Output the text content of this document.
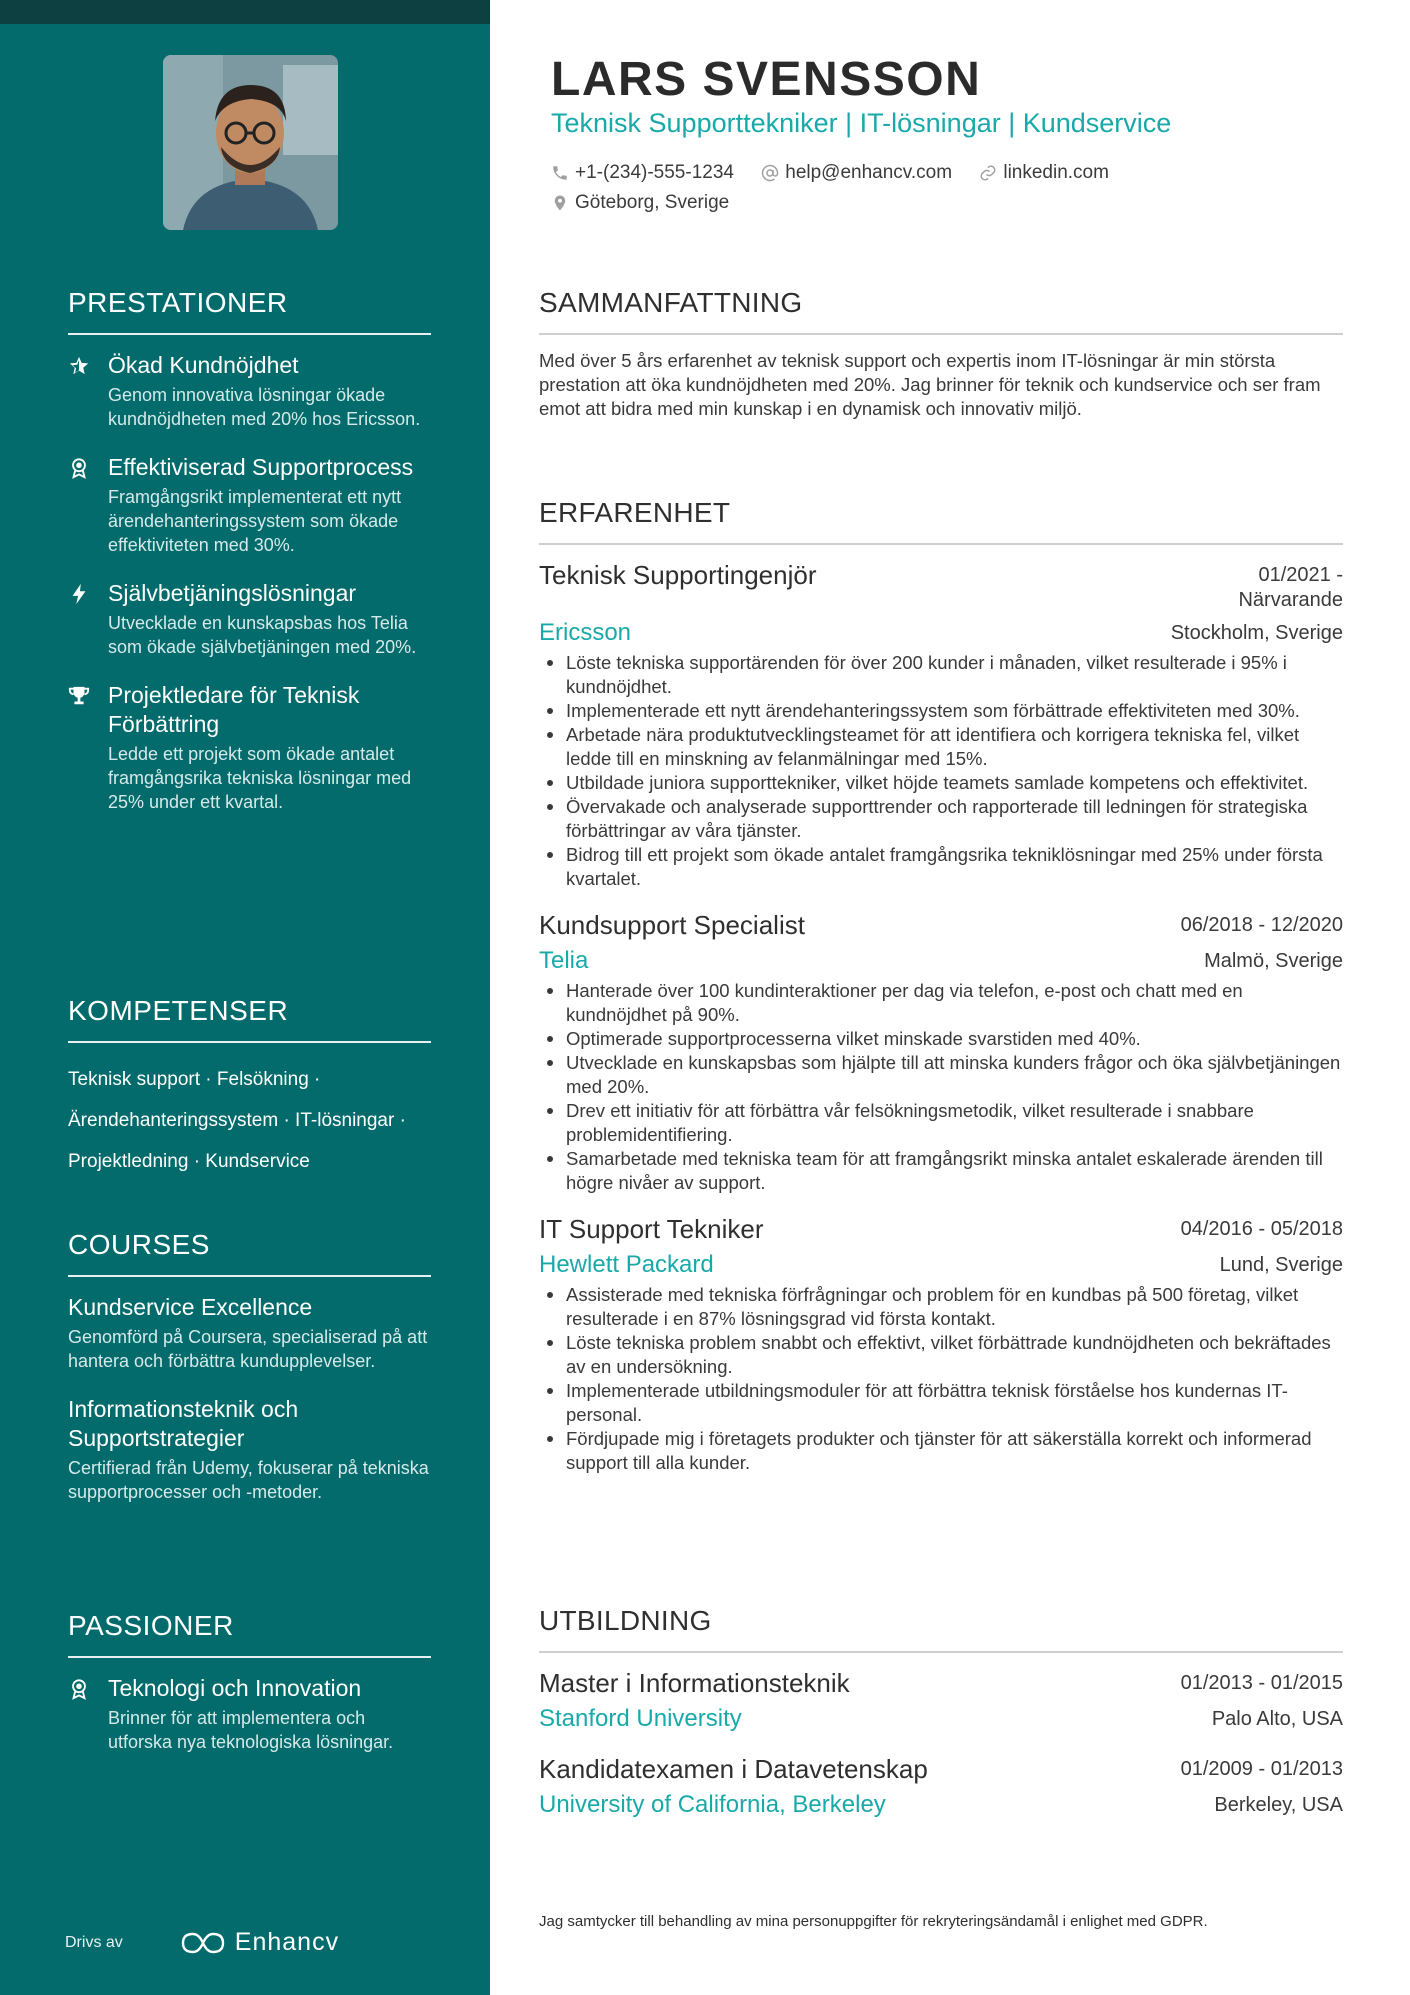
PRESTATIONER
Ökad Kundnöjdhet
Genom innovativa lösningar ökade kundnöjdheten med 20% hos Ericsson.
Effektiviserad Supportprocess
Framgångsrikt implementerat ett nytt ärendehanteringssystem som ökade effektiviteten med 30%.
Självbetjäningslösningar
Utvecklade en kunskapsbas hos Telia som ökade självbetjäningen med 20%.
Projektledare för Teknisk Förbättring
Ledde ett projekt som ökade antalet framgångsrika tekniska lösningar med 25% under ett kvartal.
KOMPETENSER
Teknisk support · Felsökning ·
Ärendehanteringssystem · IT-lösningar ·
Projektledning · Kundservice
COURSES
Kundservice Excellence
Genomförd på Coursera, specialiserad på att hantera och förbättra kundupplevelser.
Informationsteknik och Supportstrategier
Certifierad från Udemy, fokuserar på tekniska supportprocesser och -metoder.
PASSIONER
Teknologi och Innovation
Brinner för att implementera och utforska nya teknologiska lösningar.
Drivs av	Enhancv
LARS SVENSSON
Teknisk Supporttekniker | IT-lösningar | Kundservice
+1-(234)-555-1234
	help@enhancv.com
	linkedin.com

Göteborg, Sverige
SAMMANFATTNING
Med över 5 års erfarenhet av teknisk support och expertis inom IT-lösningar är min största prestation att öka kundnöjdheten med 20%. Jag brinner för teknik och kundservice och ser fram emot att bidra med min kunskap i en dynamisk och innovativ miljö.
ERFARENHET
Teknisk Supportingenjör	01/2021 - Närvarande
Ericsson	Stockholm, Sverige
Löste tekniska supportärenden för över 200 kunder i månaden, vilket resulterade i 95% i kundnöjdhet.
Implementerade ett nytt ärendehanteringssystem som förbättrade effektiviteten med 30%.
Arbetade nära produktutvecklingsteamet för att identifiera och korrigera tekniska fel, vilket ledde till en minskning av felanmälningar med 15%.
Utbildade juniora supporttekniker, vilket höjde teamets samlade kompetens och effektivitet.
Övervakade och analyserade supporttrender och rapporterade till ledningen för strategiska förbättringar av våra tjänster.
Bidrog till ett projekt som ökade antalet framgångsrika tekniklösningar med 25% under första kvartalet.
Kundsupport Specialist	06/2018 - 12/2020
Telia	Malmö, Sverige
Hanterade över 100 kundinteraktioner per dag via telefon, e-post och chatt med en kundnöjdhet på 90%.
Optimerade supportprocesserna vilket minskade svarstiden med 40%.
Utvecklade en kunskapsbas som hjälpte till att minska kunders frågor och öka självbetjäningen med 20%.
Drev ett initiativ för att förbättra vår felsökningsmetodik, vilket resulterade i snabbare problemidentifiering.
Samarbetade med tekniska team för att framgångsrikt minska antalet eskalerade ärenden till högre nivåer av support.
IT Support Tekniker	04/2016 - 05/2018
Hewlett Packard	Lund, Sverige
Assisterade med tekniska förfrågningar och problem för en kundbas på 500 företag, vilket resulterade i en 87% lösningsgrad vid första kontakt.
Löste tekniska problem snabbt och effektivt, vilket förbättrade kundnöjdheten och bekräftades av en undersökning.
Implementerade utbildningsmoduler för att förbättra teknisk förståelse hos kundernas IT-personal.
Fördjupade mig i företagets produkter och tjänster för att säkerställa korrekt och informerad support till alla kunder.
UTBILDNING
Master i Informationsteknik	01/2013 - 01/2015
Stanford University	Palo Alto, USA
Kandidatexamen i Datavetenskap	01/2009 - 01/2013
University of California, Berkeley	Berkeley, USA
Jag samtycker till behandling av mina personuppgifter för rekryteringsändamål i enlighet med GDPR.
